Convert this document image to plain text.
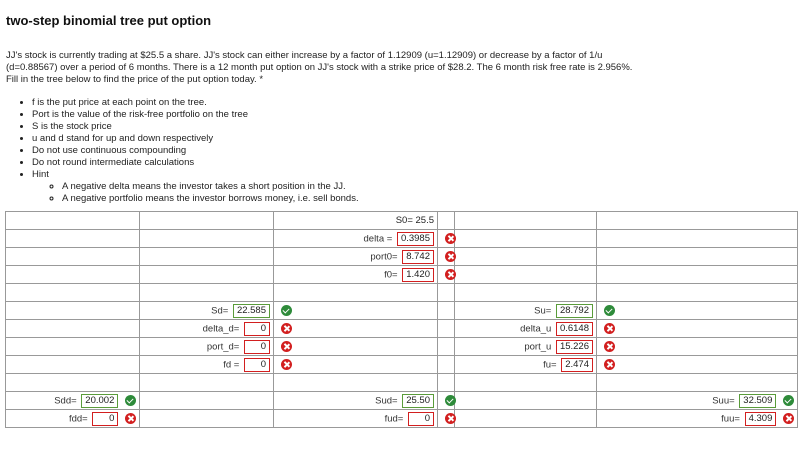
two-step binomial tree put option
JJ's stock is currently trading at $25.5 a share. JJ's stock can either increase by a factor of 1.12909 (u=1.12909) or decrease by a factor of 1/u (d=0.88567) over a period of 6 months. There is a 12 month put option on JJ's stock with a strike price of $28.2. The 6 month risk free rate is 2.956%. Fill in the tree below to find the price of the put option today. *
• f is the put price at each point on the tree.
• Port is the value of the risk-free portfolio on the tree
• S is the stock price
• u and d stand for up and down respectively
• Do not use continuous compounding
• Do not round intermediate calculations
• Hint
◦ A negative delta means the investor takes a short position in the JJ.
◦ A negative portfolio means the investor borrows money, i.e. sell bonds.
		S0= 25.5			
		delta = 0.3985			
		port0= 8.742			
		f0= 1.420			

	Sd= 22.585			Su= 28.792	
	delta_d= 0			delta_u 0.6148	
	port_d= 0			port_u 15.226	
	fd = 0			fu= 2.474	

Sdd= 20.002		Sud= 25.50			Suu= 32.509
fdd= 0		fud= 0			fuu= 4.309
